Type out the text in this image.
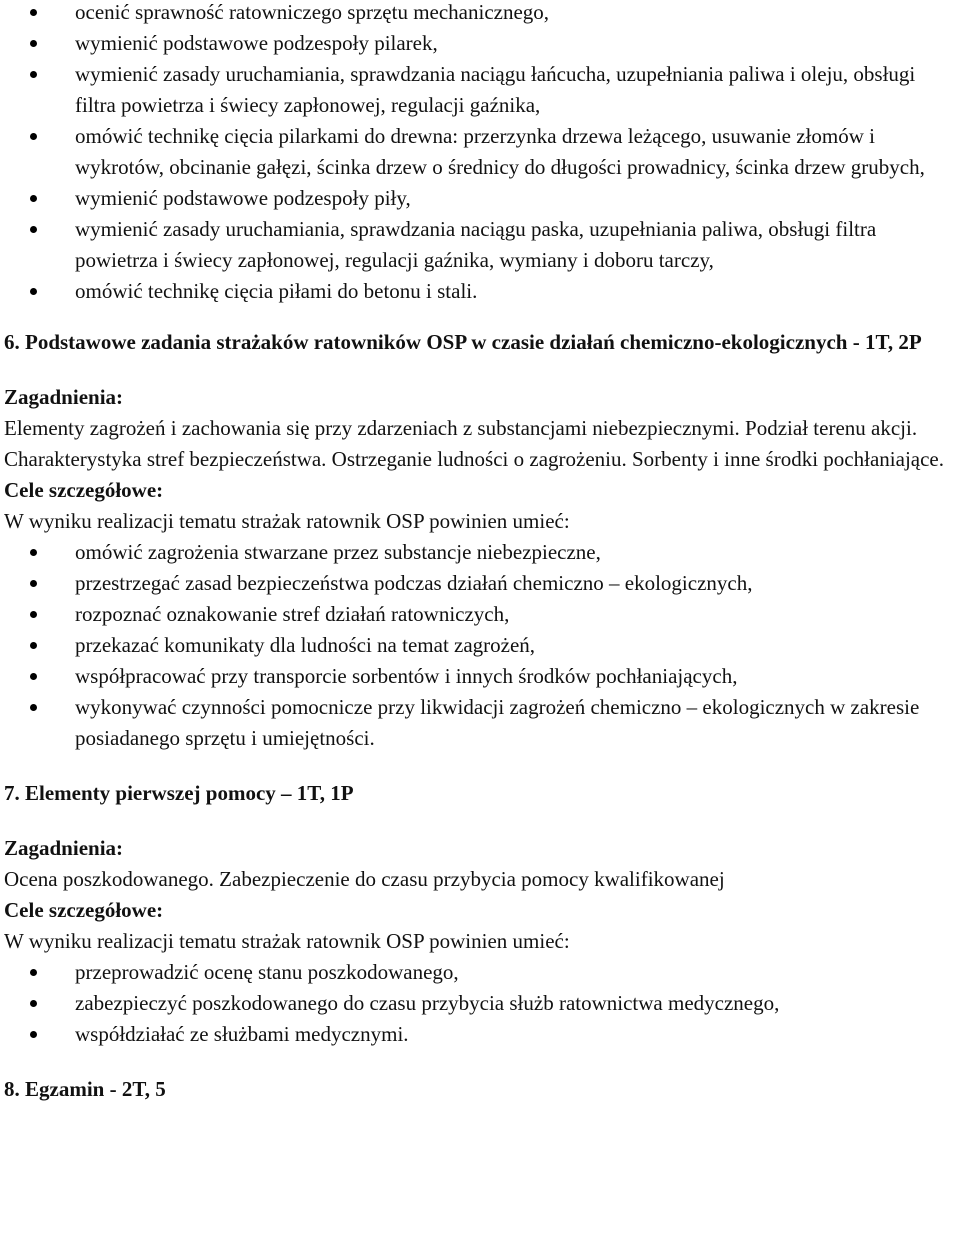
ocenić sprawność ratowniczego sprzętu mechanicznego,
wymienić podstawowe podzespoły pilarek,
wymienić zasady uruchamiania, sprawdzania naciągu łańcucha, uzupełniania paliwa i oleju, obsługi filtra powietrza i świecy zapłonowej, regulacji gaźnika,
omówić technikę cięcia pilarkami do drewna: przerzynka drzewa leżącego, usuwanie złomów i wykrotów, obcinanie gałęzi, ścinka drzew o średnicy do długości prowadnicy, ścinka drzew grubych,
wymienić podstawowe podzespoły piły,
wymienić zasady uruchamiania, sprawdzania naciągu paska, uzupełniania paliwa, obsługi filtra powietrza i świecy zapłonowej, regulacji gaźnika, wymiany i doboru tarczy,
omówić technikę cięcia piłami do betonu i stali.

6. Podstawowe zadania strażaków ratowników OSP w czasie działań chemiczno-ekologicznych - 1T, 2P

Zagadnienia:

Elementy zagrożeń i zachowania się przy zdarzeniach z substancjami niebezpiecznymi. Podział terenu akcji. Charakterystyka stref bezpieczeństwa. Ostrzeganie ludności o zagrożeniu. Sorbenty i inne środki pochłaniające.

Cele szczegółowe:

W wyniku realizacji tematu strażak ratownik OSP powinien umieć:

omówić zagrożenia stwarzane przez substancje niebezpieczne,
przestrzegać zasad bezpieczeństwa podczas działań chemiczno – ekologicznych,
rozpoznać oznakowanie stref działań ratowniczych,
przekazać komunikaty dla ludności na temat zagrożeń,
współpracować przy transporcie sorbentów i innych środków pochłaniających,
wykonywać czynności pomocnicze przy likwidacji zagrożeń chemiczno – ekologicznych w zakresie posiadanego sprzętu i umiejętności.

7. Elementy pierwszej pomocy – 1T, 1P

Zagadnienia:

Ocena poszkodowanego. Zabezpieczenie do czasu przybycia pomocy kwalifikowanej

Cele szczegółowe:

W wyniku realizacji tematu strażak ratownik OSP powinien umieć:

przeprowadzić ocenę stanu poszkodowanego,
zabezpieczyć poszkodowanego do czasu przybycia służb ratownictwa medycznego,
współdziałać ze służbami medycznymi.

8. Egzamin - 2T, 5
